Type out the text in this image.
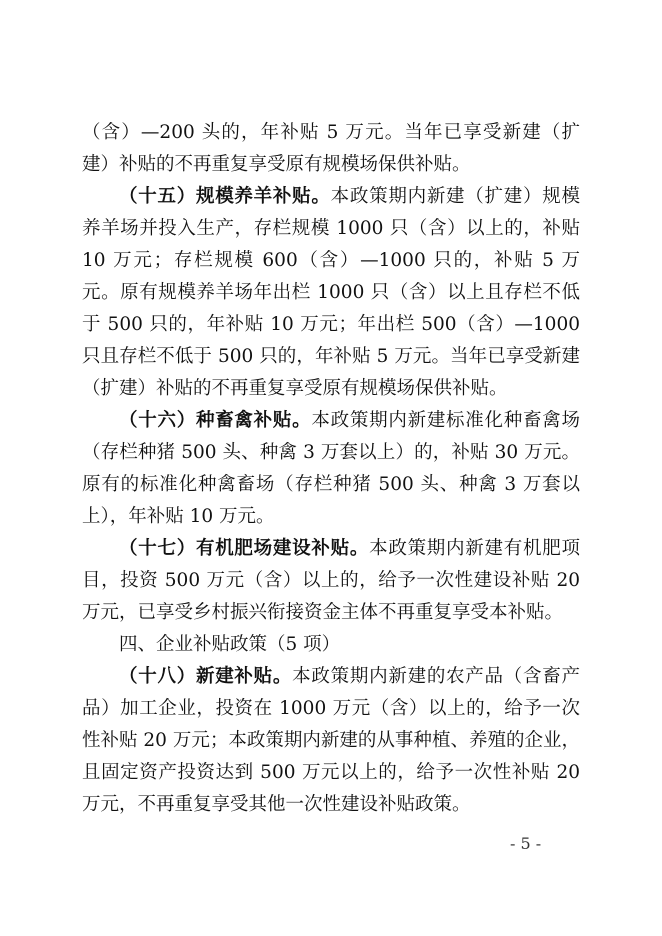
（含）—200 头的，年补贴 5 万元。当年已享受新建（扩建）补贴的不再重复享受原有规模场保供补贴。

（十五）规模养羊补贴。本政策期内新建（扩建）规模养羊场并投入生产，存栏规模 1000 只（含）以上的，补贴 10 万元；存栏规模 600（含）—1000 只的，补贴 5 万元。原有规模养羊场年出栏 1000 只（含）以上且存栏不低于 500 只的，年补贴 10 万元；年出栏 500（含）—1000 只且存栏不低于 500 只的，年补贴 5 万元。当年已享受新建（扩建）补贴的不再重复享受原有规模场保供补贴。

（十六）种畜禽补贴。本政策期内新建标准化种畜禽场（存栏种猪 500 头、种禽 3 万套以上）的，补贴 30 万元。原有的标准化种禽畜场（存栏种猪 500 头、种禽 3 万套以上），年补贴 10 万元。

（十七）有机肥场建设补贴。本政策期内新建有机肥项目，投资 500 万元（含）以上的，给予一次性建设补贴 20 万元，已享受乡村振兴衔接资金主体不再重复享受本补贴。

四、企业补贴政策（5 项）

（十八）新建补贴。本政策期内新建的农产品（含畜产品）加工企业，投资在 1000 万元（含）以上的，给予一次性补贴 20 万元；本政策期内新建的从事种植、养殖的企业，且固定资产投资达到 500 万元以上的，给予一次性补贴 20 万元，不再重复享受其他一次性建设补贴政策。

- 5 -
